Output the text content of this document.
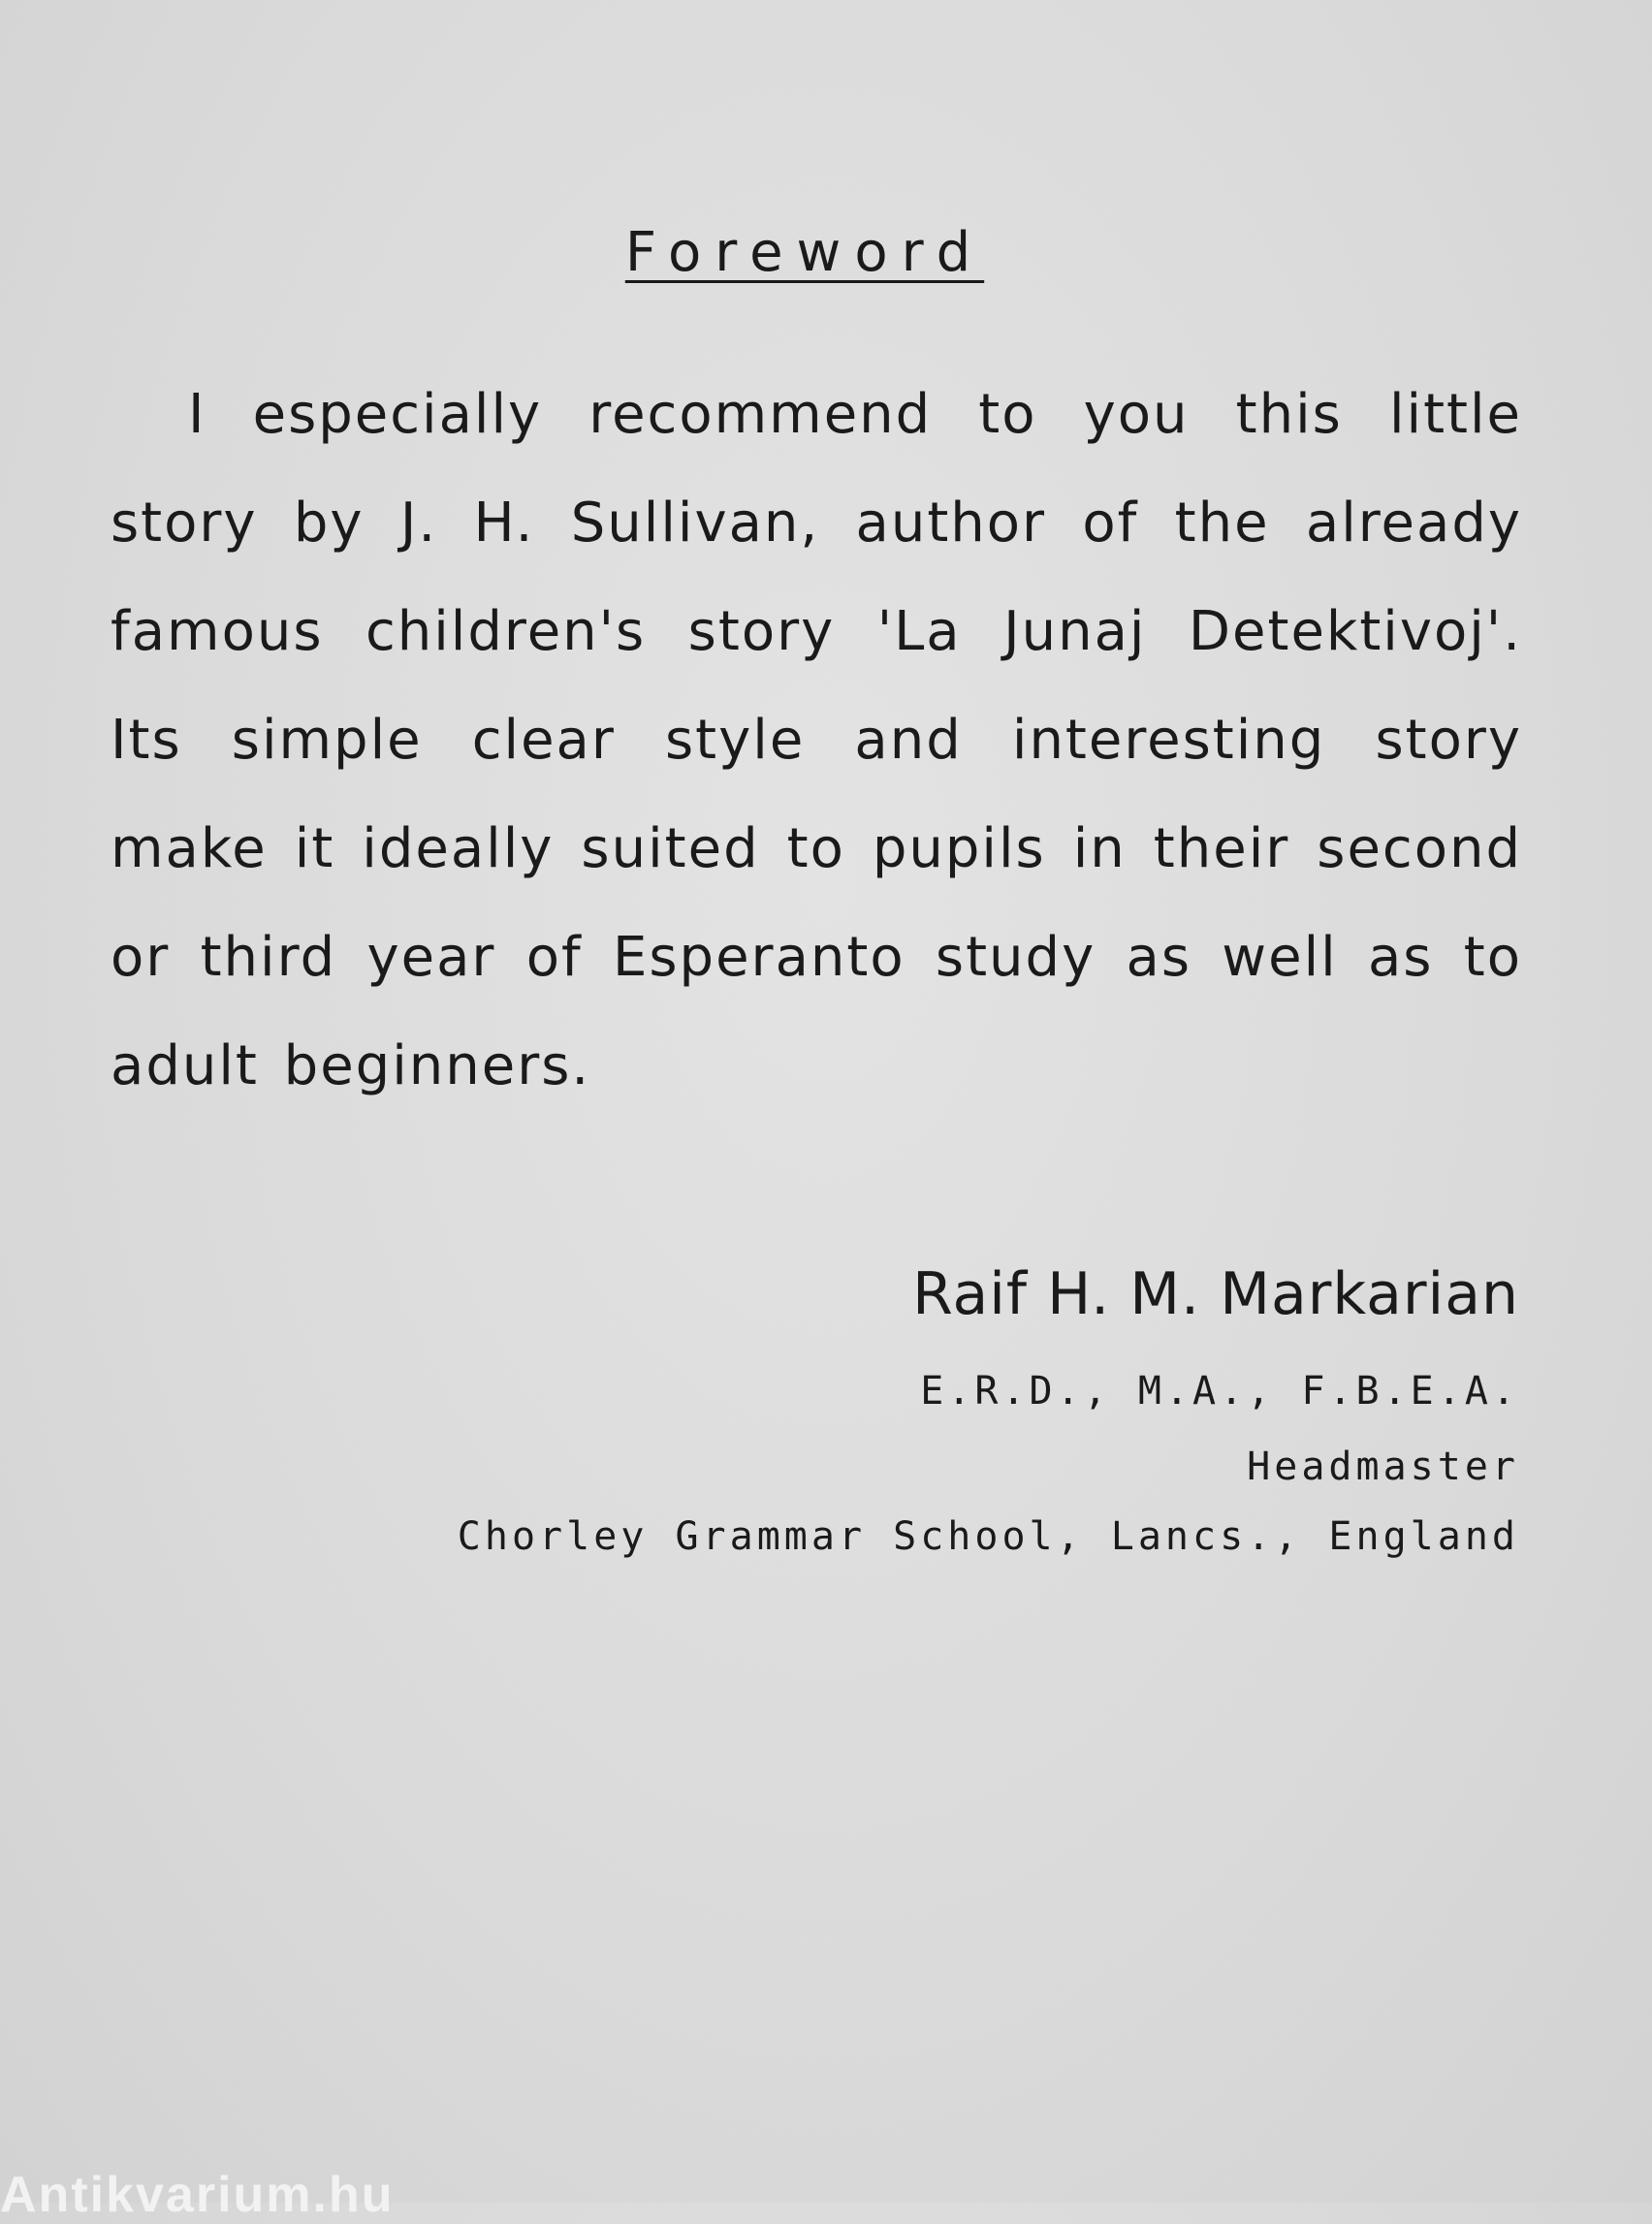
Foreword
I especially recommend to you this little story by J. H. Sullivan, author of the already famous children's story 'La Junaj Detektivoj'. Its simple clear style and interesting story make it ideally suited to pupils in their second or third year of Esperanto study as well as to adult beginners.
Raif H. M. Markarian
E.R.D., M.A., F.B.E.A.
Headmaster
Chorley Grammar School, Lancs., England
Antikvarium.hu
